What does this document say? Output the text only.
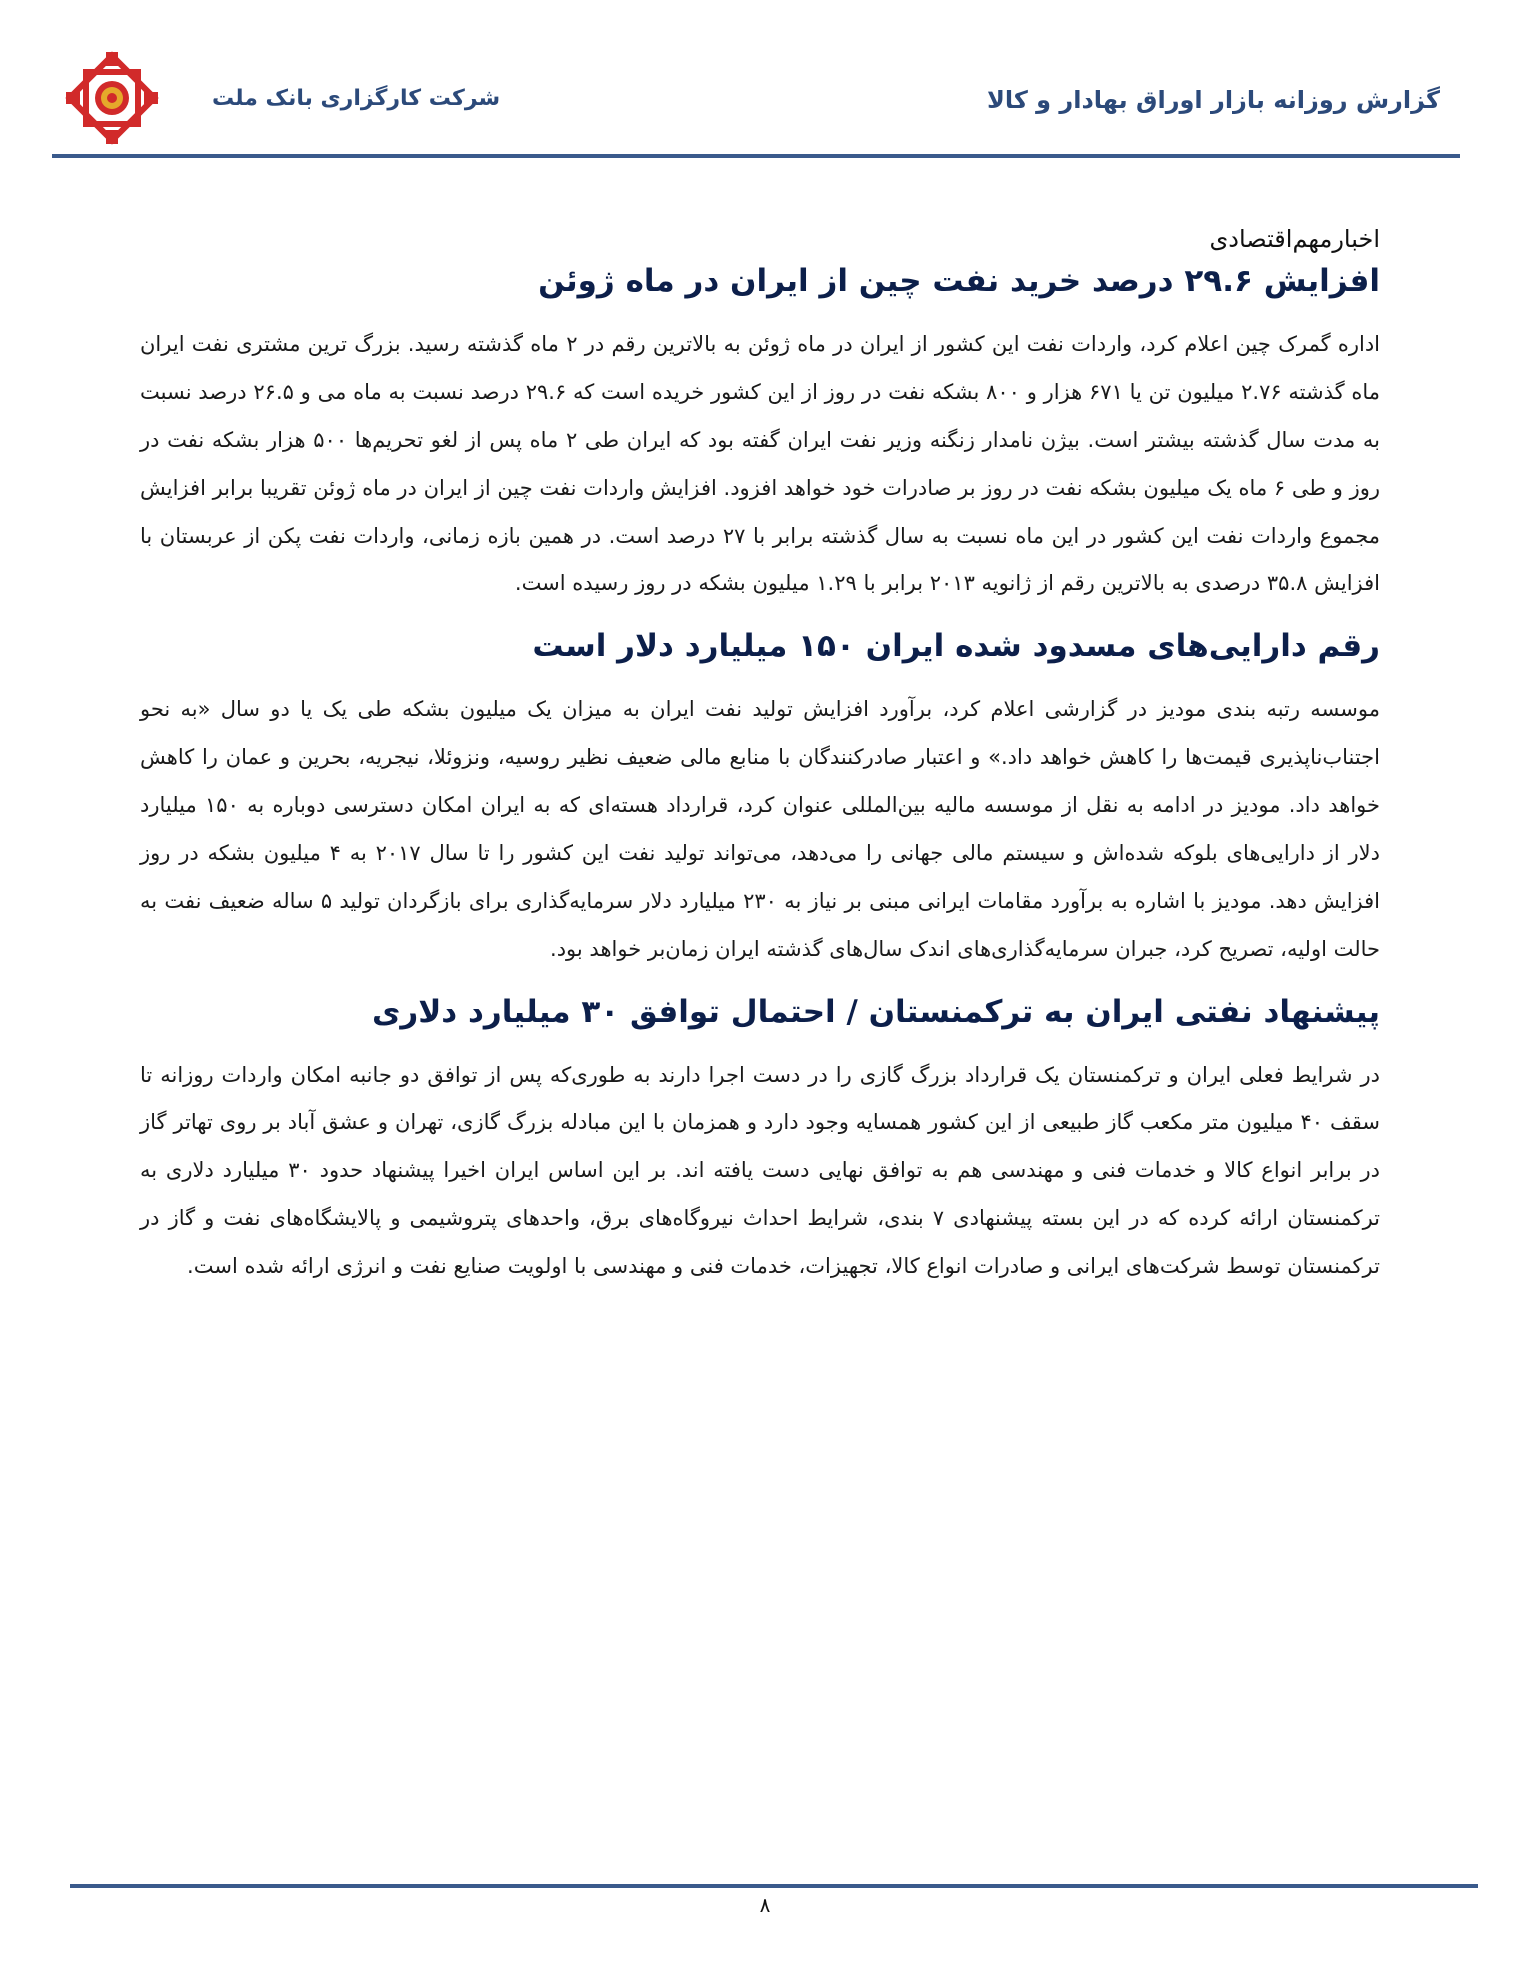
شرکت کارگزاری بانک ملت	گزارش روزانه بازار اوراق بهادار و کالا
اخبارمهم‌اقتصادی
افزایش ۲۹.۶ درصد خرید نفت چین از ایران در ماه ژوئن

اداره گمرک چین اعلام کرد، واردات نفت این کشور از ایران در ماه ژوئن به بالاترین رقم در ۲ ماه گذشته رسید. بزرگ ترین مشتری نفت ایران ماه گذشته ۲.۷۶ میلیون تن یا ۶۷۱ هزار و ۸۰۰ بشکه نفت در روز از این کشور خریده است که ۲۹.۶ درصد نسبت به ماه می و ۲۶.۵ درصد نسبت به مدت سال گذشته بیشتر است. بیژن نامدار زنگنه وزیر نفت ایران گفته بود که ایران طی ۲ ماه پس از لغو تحریم‌ها ۵۰۰ هزار بشکه نفت در روز و طی ۶ ماه یک میلیون بشکه نفت در روز بر صادرات خود خواهد افزود. افزایش واردات نفت چین از ایران در ماه ژوئن تقریبا برابر افزایش مجموع واردات نفت این کشور در این ماه نسبت به سال گذشته برابر با ۲۷ درصد است. در همین بازه زمانی، واردات نفت پکن از عربستان با افزایش ۳۵.۸ درصدی به بالاترین رقم از ژانویه ۲۰۱۳ برابر با ۱.۲۹ میلیون بشکه در روز رسیده است.

رقم دارایی‌های مسدود شده ایران ۱۵۰ میلیارد دلار است

موسسه رتبه بندی مودیز در گزارشی اعلام کرد، برآورد افزایش تولید نفت ایران به میزان یک میلیون بشکه طی یک یا دو سال «به نحو اجتناب‌ناپذیری قیمت‌ها را کاهش خواهد داد.» و اعتبار صادرکنندگان با منابع مالی ضعیف نظیر روسیه، ونزوئلا، نیجریه، بحرین و عمان را کاهش خواهد داد. مودیز در ادامه به نقل از موسسه مالیه بین‌المللی عنوان کرد، قرارداد هسته‌ای که به ایران امکان دسترسی دوباره به ۱۵۰ میلیارد دلار از دارایی‌های بلوکه شده‌اش و سیستم مالی جهانی را می‌دهد، می‌تواند تولید نفت این کشور را تا سال ۲۰۱۷ به ۴ میلیون بشکه در روز افزایش دهد. مودیز با اشاره به برآورد مقامات ایرانی مبنی بر نیاز به ۲۳۰ میلیارد دلار سرمایه‌گذاری برای بازگردان تولید ۵ ساله ضعیف نفت به حالت اولیه، تصریح کرد، جبران سرمایه‌گذاری‌های اندک سال‌های گذشته ایران زمان‌بر خواهد بود.

پیشنهاد نفتی ایران به ترکمنستان / احتمال توافق ۳۰ میلیارد دلاری

در شرایط فعلی ایران و ترکمنستان یک قرارداد بزرگ گازی را در دست اجرا دارند به طوری‌که پس از توافق دو جانبه امکان واردات روزانه تا سقف ۴۰ میلیون متر مکعب گاز طبیعی از این کشور همسایه وجود دارد و همزمان با این مبادله بزرگ گازی، تهران و عشق آباد بر روی تهاتر گاز در برابر انواع کالا و خدمات فنی و مهندسی هم به توافق نهایی دست یافته اند. بر این اساس ایران اخیرا پیشنهاد حدود ۳۰ میلیارد دلاری به ترکمنستان ارائه کرده که در این بسته پیشنهادی ۷ بندی، شرایط احداث نیروگاه‌های برق، واحدهای پتروشیمی و پالایشگاه‌های نفت و گاز در ترکمنستان توسط شرکت‌های ایرانی و صادرات انواع کالا، تجهیزات، خدمات فنی و مهندسی با اولویت صنایع نفت و انرژی ارائه شده است.

۸
